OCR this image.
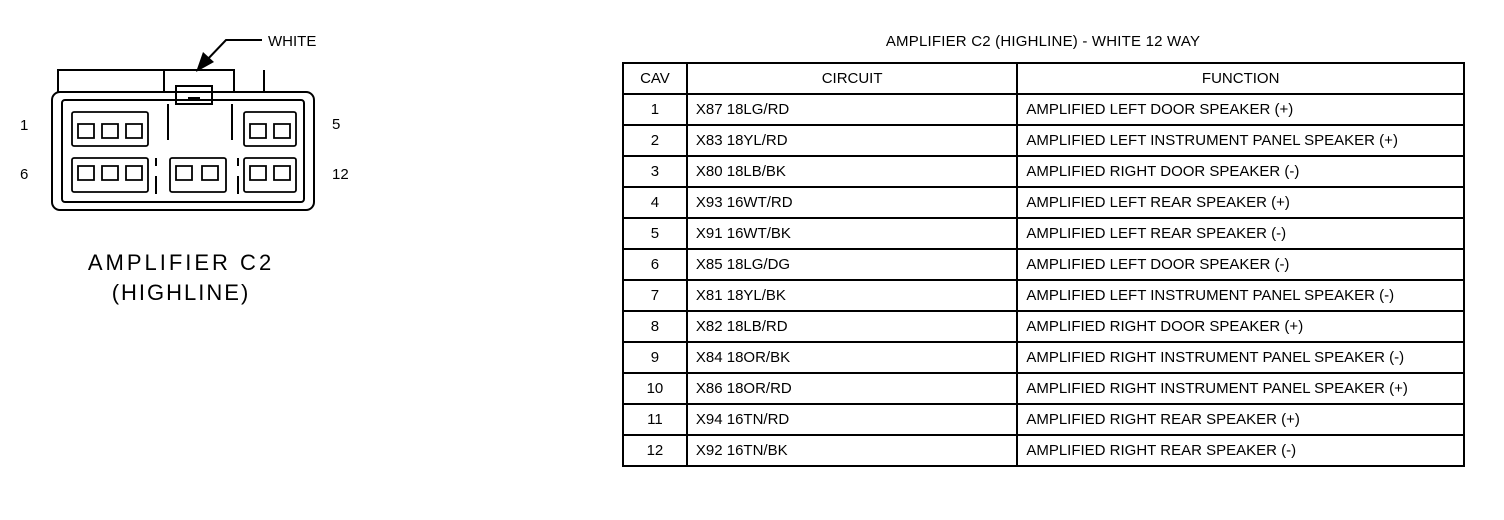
WHITE
1	5
6	12
AMPLIFIER C2
(HIGHLINE)
AMPLIFIER C2 (HIGHLINE) - WHITE 12 WAY
CAV	CIRCUIT	FUNCTION
1	X87 18LG/RD	AMPLIFIED LEFT DOOR SPEAKER (+)
2	X83 18YL/RD	AMPLIFIED LEFT INSTRUMENT PANEL SPEAKER (+)
3	X80 18LB/BK	AMPLIFIED RIGHT DOOR SPEAKER (-)
4	X93 16WT/RD	AMPLIFIED LEFT REAR SPEAKER (+)
5	X91 16WT/BK	AMPLIFIED LEFT REAR SPEAKER (-)
6	X85 18LG/DG	AMPLIFIED LEFT DOOR SPEAKER (-)
7	X81 18YL/BK	AMPLIFIED LEFT INSTRUMENT PANEL SPEAKER (-)
8	X82 18LB/RD	AMPLIFIED RIGHT DOOR SPEAKER (+)
9	X84 18OR/BK	AMPLIFIED RIGHT INSTRUMENT PANEL SPEAKER (-)
10	X86 18OR/RD	AMPLIFIED RIGHT INSTRUMENT PANEL SPEAKER (+)
11	X94 16TN/RD	AMPLIFIED RIGHT REAR SPEAKER (+)
12	X92 16TN/BK	AMPLIFIED RIGHT REAR SPEAKER (-)
